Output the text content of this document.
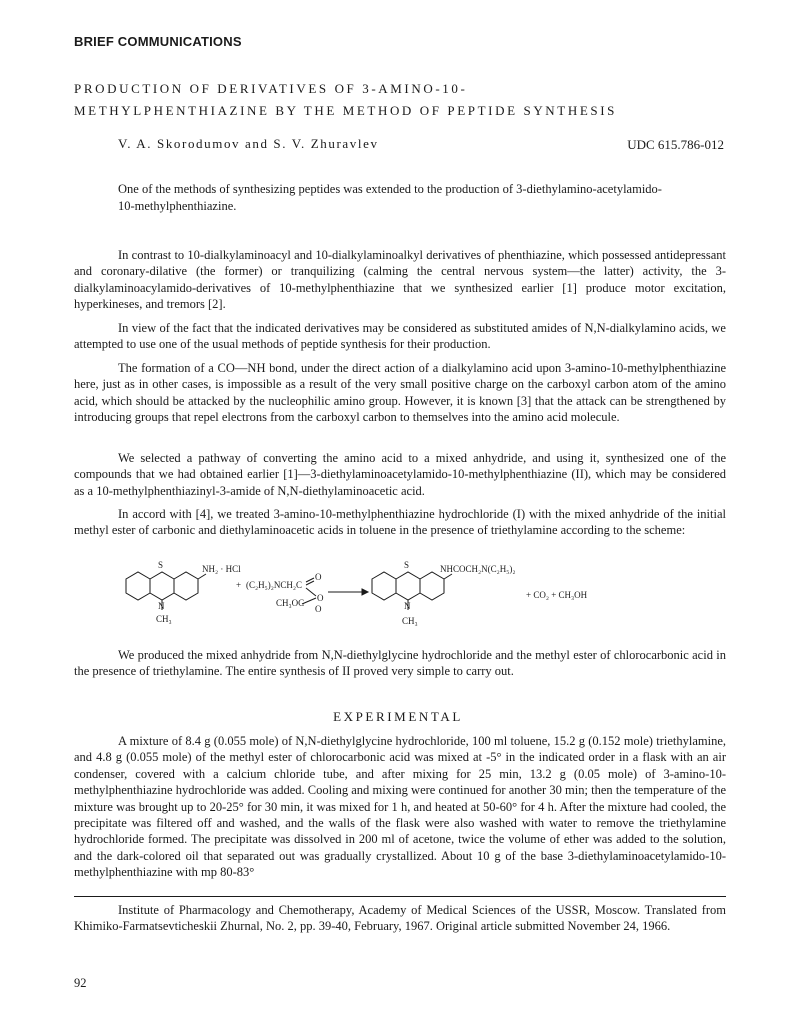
BRIEF COMMUNICATIONS
PRODUCTION OF DERIVATIVES OF 3-AMINO-10-
METHYLPHENTHIAZINE BY THE METHOD OF PEPTIDE SYNTHESIS
V. A. Skorodumov and S. V. Zhuravlev	UDC 615.786-012
One of the methods of synthesizing peptides was extended to the production of 3-diethylamino-acetylamido-10-methylphenthiazine.

In contrast to 10-dialkylaminoacyl and 10-dialkylaminoalkyl derivatives of phenthiazine, which possessed antidepressant and coronary-dilative (the former) or tranquilizing (calming the central nervous system—the latter) activity, the 3-dialkylaminoacylamido-derivatives of 10-methylphenthiazine that we synthesized earlier [1] produce motor excitation, hyperkineses, and tremors [2].

In view of the fact that the indicated derivatives may be considered as substituted amides of N,N-dialkylamino acids, we attempted to use one of the usual methods of peptide synthesis for their production.

The formation of a CO—NH bond, under the direct action of a dialkylamino acid upon 3-amino-10-methylphenthiazine here, just as in other cases, is impossible as a result of the very small positive charge on the carboxyl carbon atom of the amino acid, which should be attacked by the nucleophilic amino group. However, it is known [3] that the attack can be strengthened by introducing groups that repel electrons from the carboxyl carbon to themselves into the amino acid molecule.

We selected a pathway of converting the amino acid to a mixed anhydride, and using it, synthesized one of the compounds that we had obtained earlier [1]—3-diethylaminoacetylamido-10-methylphenthiazine (II), which may be considered as a 10-methylphenthiazinyl-3-amide of N,N-diethylaminoacetic acid.

In accord with [4], we treated 3-amino-10-methylphenthiazine hydrochloride (I) with the mixed anhydride of the initial methyl ester of carbonic and diethylaminoacetic acids in toluene in the presence of triethylamine according to the scheme:

S	NH₂ · HCl
N
CH₃
+ (C₂H₅)₂NCH₂C
CH₃OC
O
O
O
S	NHCOCH₂N(C₂H₅)₂
N
CH₃
+ CO₂ + CH₃OH

We produced the mixed anhydride from N,N-diethylglycine hydrochloride and the methyl ester of chlorocarbonic acid in the presence of triethylamine. The entire synthesis of II proved very simple to carry out.

EXPERIMENTAL

A mixture of 8.4 g (0.055 mole) of N,N-diethylglycine hydrochloride, 100 ml toluene, 15.2 g (0.152 mole) triethylamine, and 4.8 g (0.055 mole) of the methyl ester of chlorocarbonic acid was mixed at -5° in the indicated order in a flask with an air condenser, covered with a calcium chloride tube, and after mixing for 25 min, 13.2 g (0.05 mole) of 3-amino-10-methylphenthiazine hydrochloride was added. Cooling and mixing were continued for another 30 min; then the temperature of the mixture was brought up to 20-25° for 30 min, it was mixed for 1 h, and heated at 50-60° for 4 h. After the mixture had cooled, the precipitate was filtered off and washed, and the walls of the flask were also washed with water to remove the triethylamine hydrochloride formed. The precipitate was dissolved in 200 ml of acetone, twice the volume of ether was added to the solution, and the dark-colored oil that separated out was gradually crystallized. About 10 g of the base 3-diethylaminoacetylamido-10-methylphenthiazine with mp 80-83°

Institute of Pharmacology and Chemotherapy, Academy of Medical Sciences of the USSR, Moscow. Translated from Khimiko-Farmatsevticheskii Zhurnal, No. 2, pp. 39-40, February, 1967. Original article submitted November 24, 1966.

92
